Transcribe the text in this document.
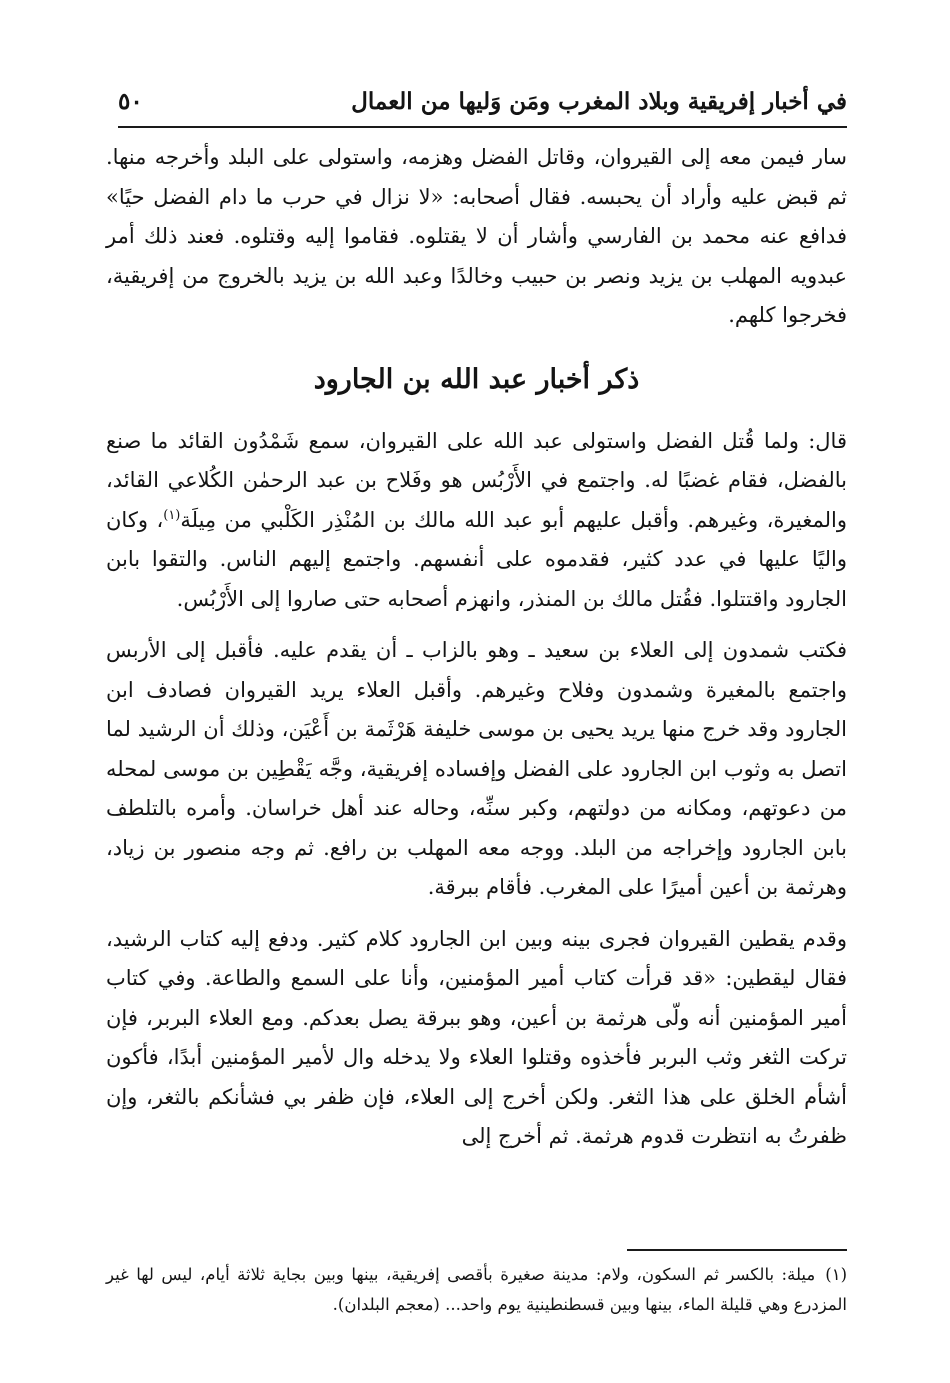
في أخبار إفريقية وبلاد المغرب ومَن وَليها من العمال
٥٠

سار فيمن معه إلى القيروان، وقاتل الفضل وهزمه، واستولى على البلد وأخرجه منها. ثم قبض عليه وأراد أن يحبسه. فقال أصحابه: «لا نزال في حرب ما دام الفضل حيًا» فدافع عنه محمد بن الفارسي وأشار أن لا يقتلوه. فقاموا إليه وقتلوه. فعند ذلك أمر عبدويه المهلب بن يزيد ونصر بن حبيب وخالدًا وعبد الله بن يزيد بالخروج من إفريقية، فخرجوا كلهم.

ذكر أخبار عبد الله بن الجارود

قال: ولما قُتل الفضل واستولى عبد الله على القيروان، سمع شَمْدُون القائد ما صنع بالفضل، فقام غضبًا له. واجتمع في الأَرْبُس هو وفَلاح بن عبد الرحمٰن الكُلاعي القائد، والمغيرة، وغيرهم. وأقبل عليهم أبو عبد الله مالك بن المُنْذِر الكَلْبي من مِيلَة$^{(١)}$، وكان واليًا عليها في عدد كثير، فقدموه على أنفسهم. واجتمع إليهم الناس. والتقوا بابن الجارود واقتتلوا. فقُتل مالك بن المنذر، وانهزم أصحابه حتى صاروا إلى الأَرْبُس.

فكتب شمدون إلى العلاء بن سعيد ـ وهو بالزاب ـ أن يقدم عليه. فأقبل إلى الأربس واجتمع بالمغيرة وشمدون وفلاح وغيرهم. وأقبل العلاء يريد القيروان فصادف ابن الجارود وقد خرج منها يريد يحيى بن موسى خليفة هَرْثَمة بن أَعْيَن، وذلك أن الرشيد لما اتصل به وثوب ابن الجارود على الفضل وإفساده إفريقية، وجَّه يَقْطِين بن موسى لمحله من دعوتهم، ومكانه من دولتهم، وكبر سنِّه، وحاله عند أهل خراسان. وأمره بالتلطف بابن الجارود وإخراجه من البلد. ووجه معه المهلب بن رافع. ثم وجه منصور بن زياد، وهرثمة بن أعين أميرًا على المغرب. فأقام ببرقة.

وقدم يقطين القيروان فجرى بينه وبين ابن الجارود كلام كثير. ودفع إليه كتاب الرشيد، فقال ليقطين: «قد قرأت كتاب أمير المؤمنين، وأنا على السمع والطاعة. وفي كتاب أمير المؤمنين أنه ولّى هرثمة بن أعين، وهو ببرقة يصل بعدكم. ومع العلاء البربر، فإن تركت الثغر وثب البربر فأخذوه وقتلوا العلاء ولا يدخله وال لأمير المؤمنين أبدًا، فأكون أشأم الخلق على هذا الثغر. ولكن أخرج إلى العلاء، فإن ظفر بي فشأنكم بالثغر، وإن ظفرتُ به انتظرت قدوم هرثمة. ثم أخرج إلى

(١)ميلة: بالكسر ثم السكون، ولام: مدينة صغيرة بأقصى إفريقية، بينها وبين بجاية ثلاثة أيام، ليس لها غير المزدرع وهي قليلة الماء، بينها وبين قسطنطينية يوم واحد... (معجم البلدان).
